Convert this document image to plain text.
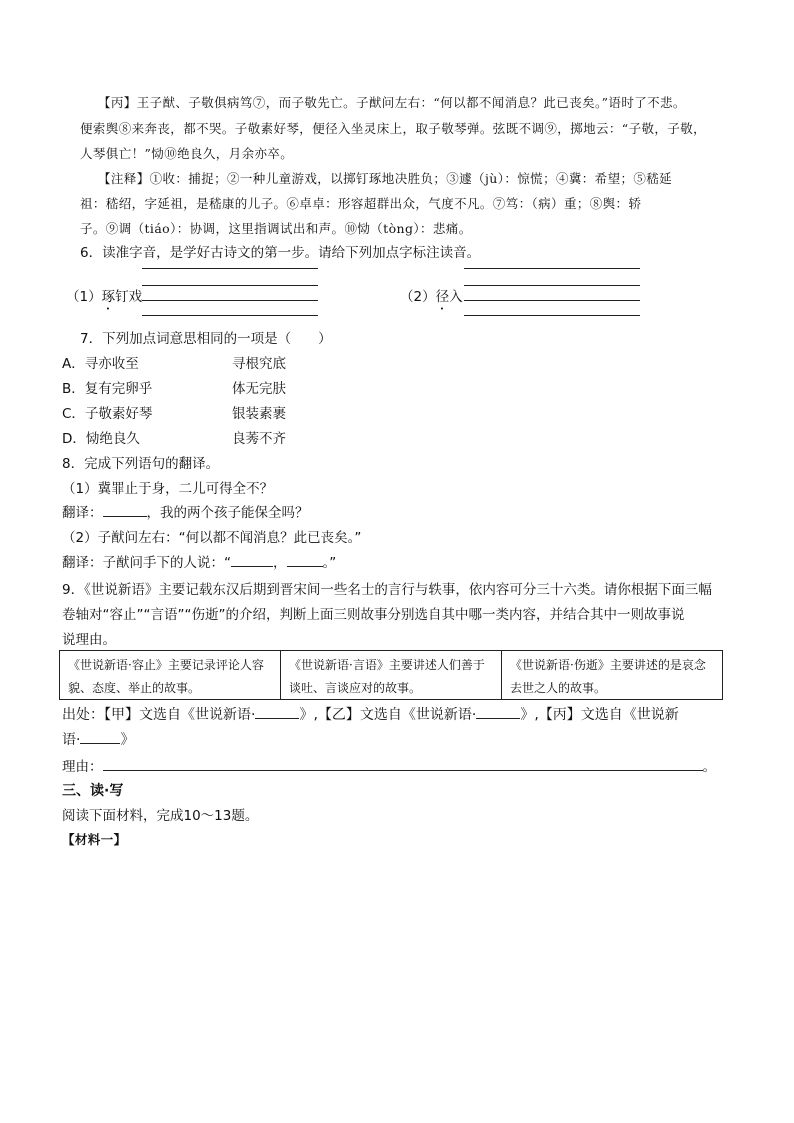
【丙】王子猷、子敬俱病笃⑦，而子敬先亡。子猷问左右：“何以都不闻消息？此已丧矣。”语时了不悲。
便索舆⑧来奔丧，都不哭。子敬素好琴，便径入坐灵床上，取子敬琴弹。弦既不调⑨，掷地云：“子敬，子敬，
人琴俱亡！”恸⑩绝良久，月余亦卒。
【注释】①收：捕捉；②一种儿童游戏，以掷钉琢地决胜负；③遽（jù）：惊慌；④冀：希望；⑤嵇延
祖：嵇绍，字延祖，是嵇康的儿子。⑥卓卓：形容超群出众，气度不凡。⑦笃：（病）重；⑧舆：轿
子。⑨调（tiáo）：协调，这里指调试出和声。⑩恸（tòng）：悲痛。
6．读准字音，是学好古诗文的第一步。请给下列加点字标注读音。
（1）琢钉戏	（2）径入
7．下列加点词意思相同的一项是（　　）
A．寻亦收至	寻根究底
B．复有完卵乎	体无完肤
C．子敬素好琴	银装素裹
D．恸绝良久	良莠不齐
8．完成下列语句的翻译。
（1）冀罪止于身，二儿可得全不？
翻译：	，我的两个孩子能保全吗？
（2）子猷问左右：“何以都不闻消息？此已丧矣。”
翻译：子猷问手下的人说：“	，	。”
9．《世说新语》主要记载东汉后期到晋宋间一些名士的言行与轶事，依内容可分三十六类。请你根据下面三幅
卷轴对“容止”“言语”“伤逝”的介绍，判断上面三则故事分别选自其中哪一类内容，并结合其中一则故事说
说理由。
《世说新语·容止》主要记录评论人容貌、态度、举止的故事。
《世说新语·言语》主要讲述人们善于谈吐、言谈应对的故事。
《世说新语·伤逝》主要讲述的是哀念去世之人的故事。
出处：【甲】文选自《世说新语·	》,【乙】文选自《世说新语·	》,【丙】文选自《世说新
语·	》
理由：	。
三、读·写
阅读下面材料，完成10～13题。
【材料一】
